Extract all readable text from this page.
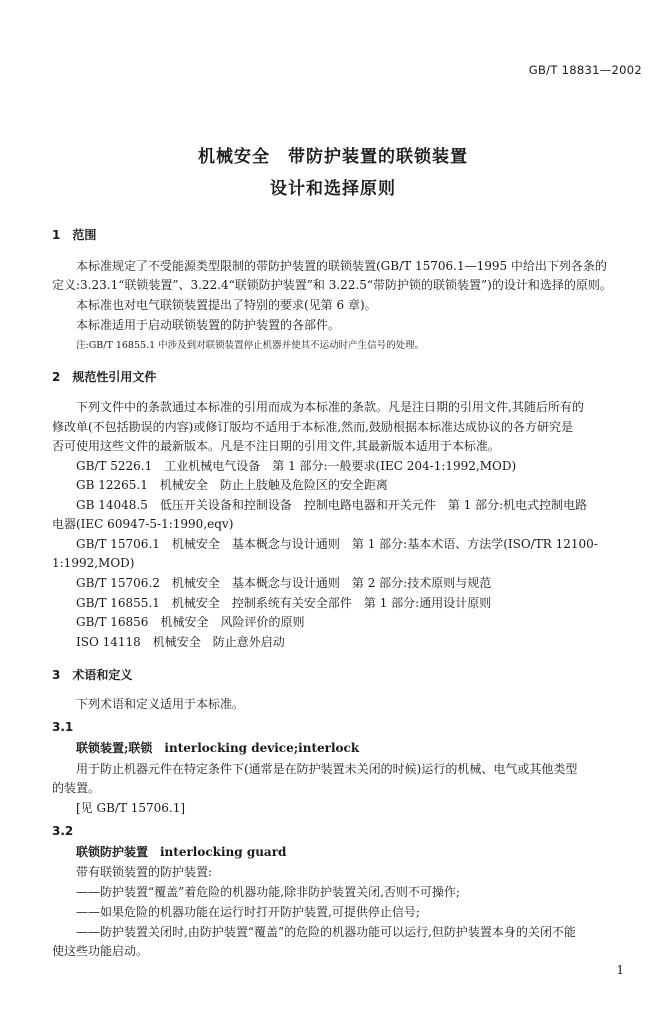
GB/T 18831—2002
机械安全　带防护装置的联锁装置
设计和选择原则
1　范围
本标准规定了不受能源类型限制的带防护装置的联锁装置(GB/T 15706.1—1995 中给出下列各条的
定义:3.23.1“联锁装置”、3.22.4“联锁防护装置”和 3.22.5“带防护锁的联锁装置”)的设计和选择的原则。
本标准也对电气联锁装置提出了特别的要求(见第 6 章)。
本标准适用于启动联锁装置的防护装置的各部件。
注:GB/T 16855.1 中涉及到对联锁装置停止机器并使其不运动时产生信号的处理。
2　规范性引用文件
下列文件中的条款通过本标准的引用而成为本标准的条款。凡是注日期的引用文件,其随后所有的
修改单(不包括勘误的内容)或修订版均不适用于本标准,然而,鼓励根据本标准达成协议的各方研究是
否可使用这些文件的最新版本。凡是不注日期的引用文件,其最新版本适用于本标准。
GB/T 5226.1　工业机械电气设备　第 1 部分:一般要求(IEC 204-1:1992,MOD)
GB 12265.1　机械安全　防止上肢触及危险区的安全距离
GB 14048.5　低压开关设备和控制设备　控制电路电器和开关元件　第 1 部分:机电式控制电路
电器(IEC 60947-5-1:1990,eqv)
GB/T 15706.1　机械安全　基本概念与设计通则　第 1 部分:基本术语、方法学(ISO/TR 12100-
1:1992,MOD)
GB/T 15706.2　机械安全　基本概念与设计通则　第 2 部分:技术原则与规范
GB/T 16855.1　机械安全　控制系统有关安全部件　第 1 部分:通用设计原则
GB/T 16856　机械安全　风险评价的原则
ISO 14118　机械安全　防止意外启动
3　术语和定义
下列术语和定义适用于本标准。
3.1
联锁装置;联锁　interlocking device;interlock
用于防止机器元件在特定条件下(通常是在防护装置未关闭的时候)运行的机械、电气或其他类型
的装置。
[见 GB/T 15706.1]
3.2
联锁防护装置　interlocking guard
带有联锁装置的防护装置:
——防护装置“覆盖”着危险的机器功能,除非防护装置关闭,否则不可操作;
——如果危险的机器功能在运行时打开防护装置,可提供停止信号;
——防护装置关闭时,由防护装置“覆盖”的危险的机器功能可以运行,但防护装置本身的关闭不能
使这些功能启动。
1
